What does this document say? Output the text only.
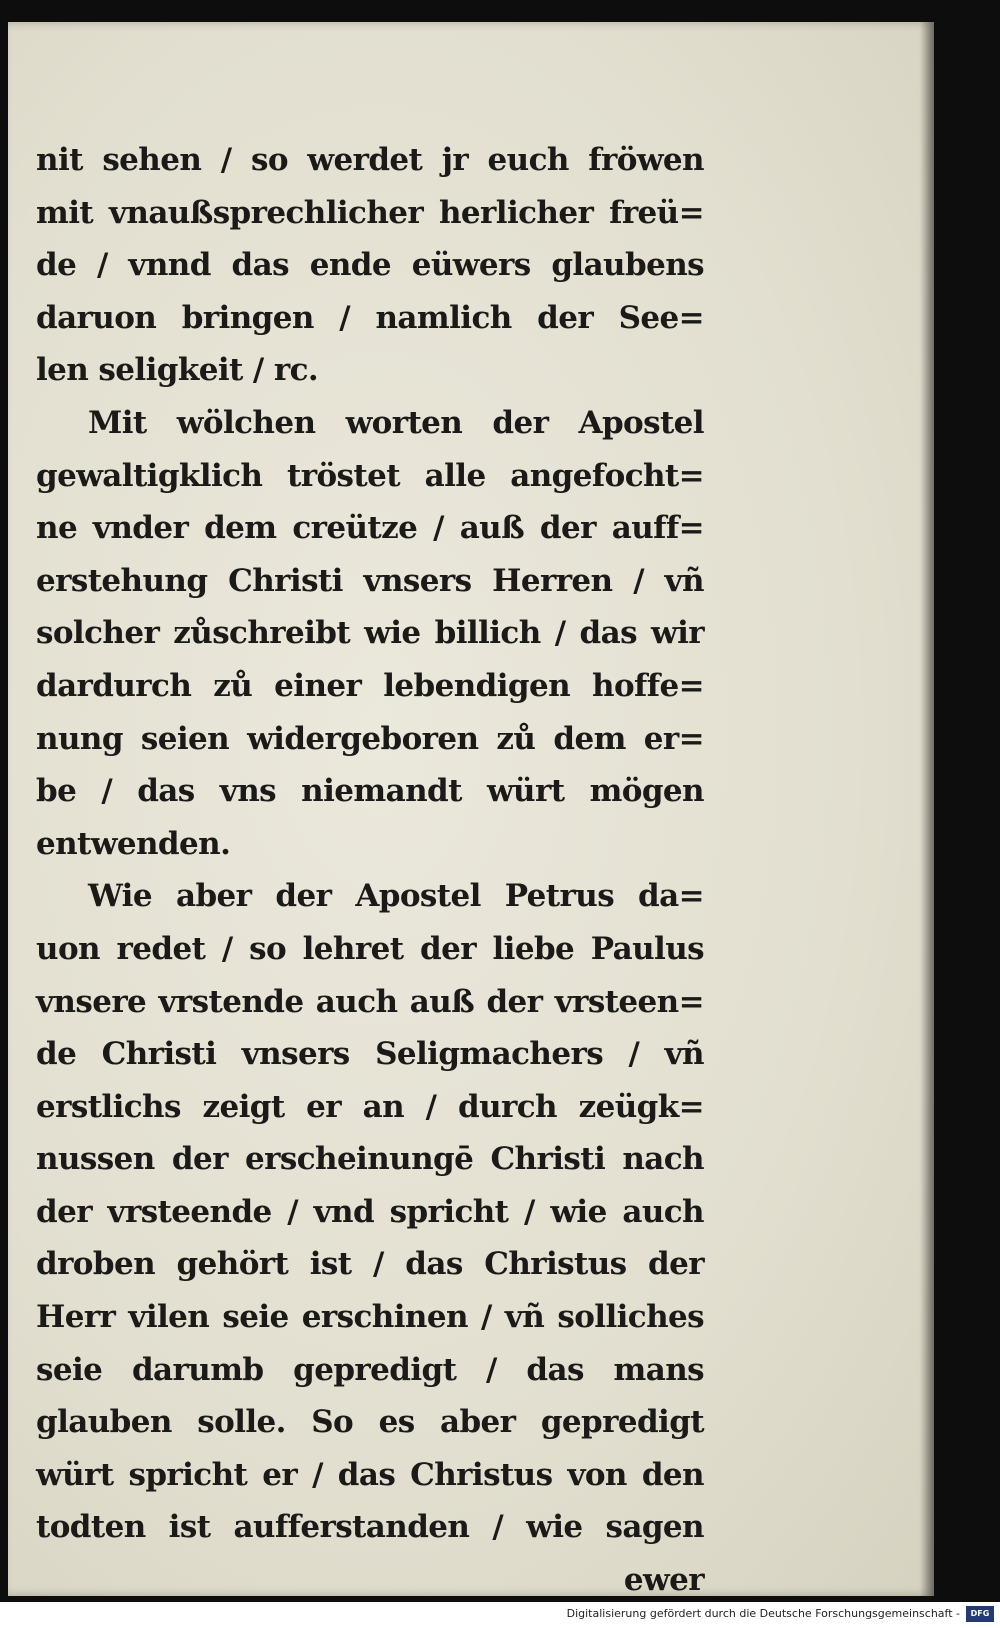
nit sehen / so werdet jr euch fröwen
mit vnaußsprechlicher herlicher freü=
de / vnnd das ende eüwers glaubens
daruon bringen / namlich der See=
len seligkeit / rc.
Mit wölchen worten der Apostel
gewaltigklich tröstet alle angefocht=
ne vnder dem creütze / auß der auff=
erstehung Christi vnsers Herren / vñ
solcher zůschreibt wie billich / das wir
dardurch zů einer lebendigen hoffe=
nung seien widergeboren zů dem er=
be / das vns niemandt würt mögen
entwenden.
Wie aber der Apostel Petrus da=
uon redet / so lehret der liebe Paulus
vnsere vrstende auch auß der vrsteen=
de Christi vnsers Seligmachers / vñ
erstlichs zeigt er an / durch zeügk=
nussen der erscheinungē Christi nach
der vrsteende / vnd spricht / wie auch
droben gehört ist / das Christus der
Herr vilen seie erschinen / vñ solliches
seie darumb gepredigt / das mans
glauben solle. So es aber gepredigt
würt spricht er / das Christus von den
todten ist aufferstanden / wie sagen
ewer
Digitalisierung gefördert durch die Deutsche Forschungsgemeinschaft -	DFG
